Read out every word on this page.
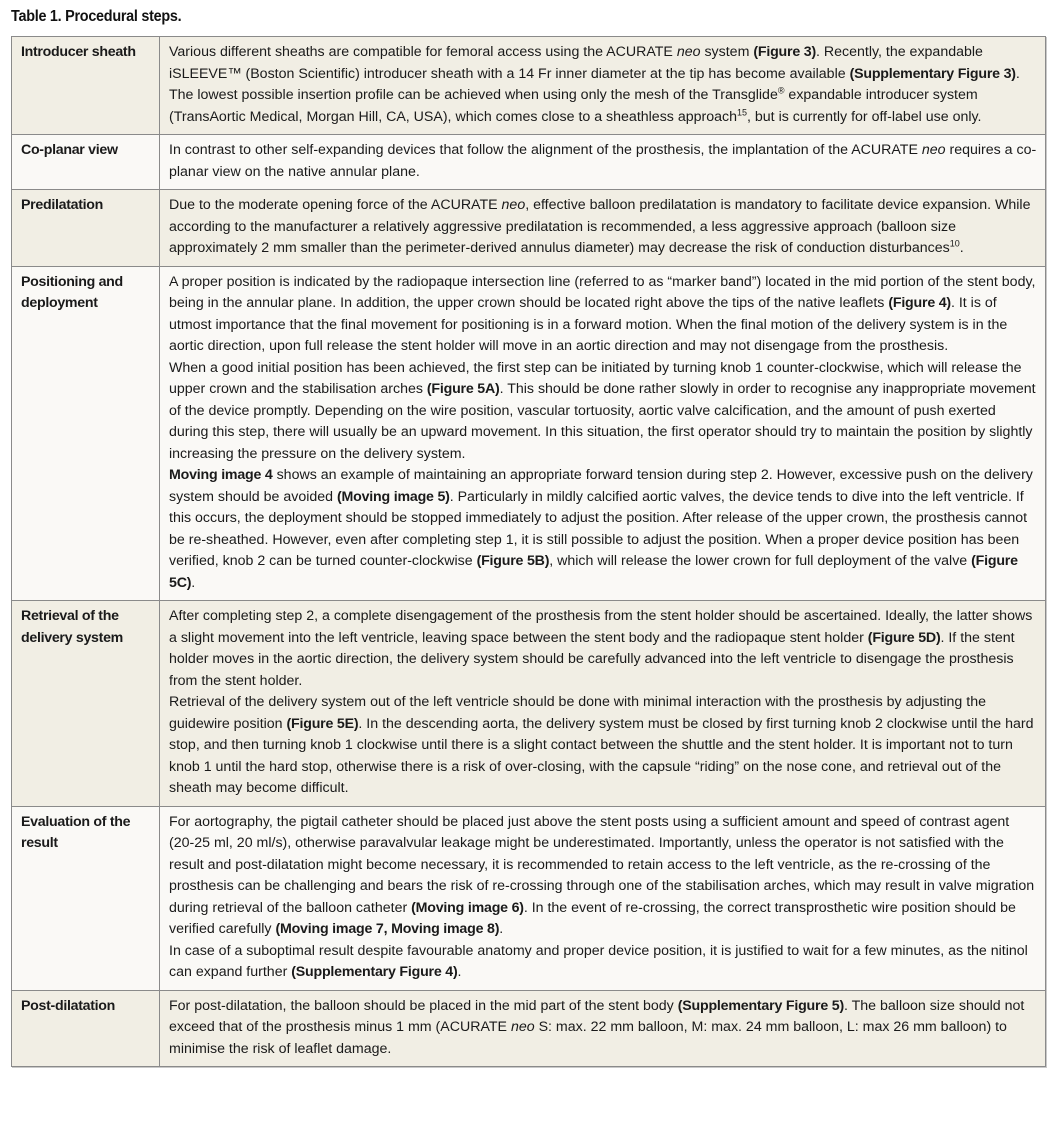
Table 1. Procedural steps.
Introducer sheath	Various different sheaths are compatible for femoral access using the ACURATE neo system (Figure 3). Recently, the expandable iSLEEVE™ (Boston Scientific) introducer sheath with a 14 Fr inner diameter at the tip has become available (Supplementary Figure 3). The lowest possible insertion profile can be achieved when using only the mesh of the Transglide® expandable introducer system (TransAortic Medical, Morgan Hill, CA, USA), which comes close to a sheathless approach$^{15}$, but is currently for off-label use only.

Co-planar view	In contrast to other self-expanding devices that follow the alignment of the prosthesis, the implantation of the ACURATE neo requires a co-planar view on the native annular plane.

Predilatation	Due to the moderate opening force of the ACURATE neo, effective balloon predilatation is mandatory to facilitate device expansion. While according to the manufacturer a relatively aggressive predilatation is recommended, a less aggressive approach (balloon size approximately 2 mm smaller than the perimeter-derived annulus diameter) may decrease the risk of conduction disturbances$^{10}$.

Positioning and deployment	A proper position is indicated by the radiopaque intersection line (referred to as “marker band”) located in the mid portion of the stent body, being in the annular plane. In addition, the upper crown should be located right above the tips of the native leaflets (Figure 4). It is of utmost importance that the final movement for positioning is in a forward motion. When the final motion of the delivery system is in the aortic direction, upon full release the stent holder will move in an aortic direction and may not disengage from the prosthesis.
When a good initial position has been achieved, the first step can be initiated by turning knob 1 counter-clockwise, which will release the upper crown and the stabilisation arches (Figure 5A). This should be done rather slowly in order to recognise any inappropriate movement of the device promptly. Depending on the wire position, vascular tortuosity, aortic valve calcification, and the amount of push exerted during this step, there will usually be an upward movement. In this situation, the first operator should try to maintain the position by slightly increasing the pressure on the delivery system.
Moving image 4 shows an example of maintaining an appropriate forward tension during step 2. However, excessive push on the delivery system should be avoided (Moving image 5). Particularly in mildly calcified aortic valves, the device tends to dive into the left ventricle. If this occurs, the deployment should be stopped immediately to adjust the position. After release of the upper crown, the prosthesis cannot be re-sheathed. However, even after completing step 1, it is still possible to adjust the position. When a proper device position has been verified, knob 2 can be turned counter-clockwise (Figure 5B), which will release the lower crown for full deployment of the valve (Figure 5C).

Retrieval of the delivery system	After completing step 2, a complete disengagement of the prosthesis from the stent holder should be ascertained. Ideally, the latter shows a slight movement into the left ventricle, leaving space between the stent body and the radiopaque stent holder (Figure 5D). If the stent holder moves in the aortic direction, the delivery system should be carefully advanced into the left ventricle to disengage the prosthesis from the stent holder.
Retrieval of the delivery system out of the left ventricle should be done with minimal interaction with the prosthesis by adjusting the guidewire position (Figure 5E). In the descending aorta, the delivery system must be closed by first turning knob 2 clockwise until the hard stop, and then turning knob 1 clockwise until there is a slight contact between the shuttle and the stent holder. It is important not to turn knob 1 until the hard stop, otherwise there is a risk of over-closing, with the capsule “riding” on the nose cone, and retrieval out of the sheath may become difficult.

Evaluation of the result	For aortography, the pigtail catheter should be placed just above the stent posts using a sufficient amount and speed of contrast agent (20-25 ml, 20 ml/s), otherwise paravalvular leakage might be underestimated. Importantly, unless the operator is not satisfied with the result and post-dilatation might become necessary, it is recommended to retain access to the left ventricle, as the re-crossing of the prosthesis can be challenging and bears the risk of re-crossing through one of the stabilisation arches, which may result in valve migration during retrieval of the balloon catheter (Moving image 6). In the event of re-crossing, the correct transprosthetic wire position should be verified carefully (Moving image 7, Moving image 8).
In case of a suboptimal result despite favourable anatomy and proper device position, it is justified to wait for a few minutes, as the nitinol can expand further (Supplementary Figure 4).

Post-dilatation	For post-dilatation, the balloon should be placed in the mid part of the stent body (Supplementary Figure 5). The balloon size should not exceed that of the prosthesis minus 1 mm (ACURATE neo S: max. 22 mm balloon, M: max. 24 mm balloon, L: max 26 mm balloon) to minimise the risk of leaflet damage.
